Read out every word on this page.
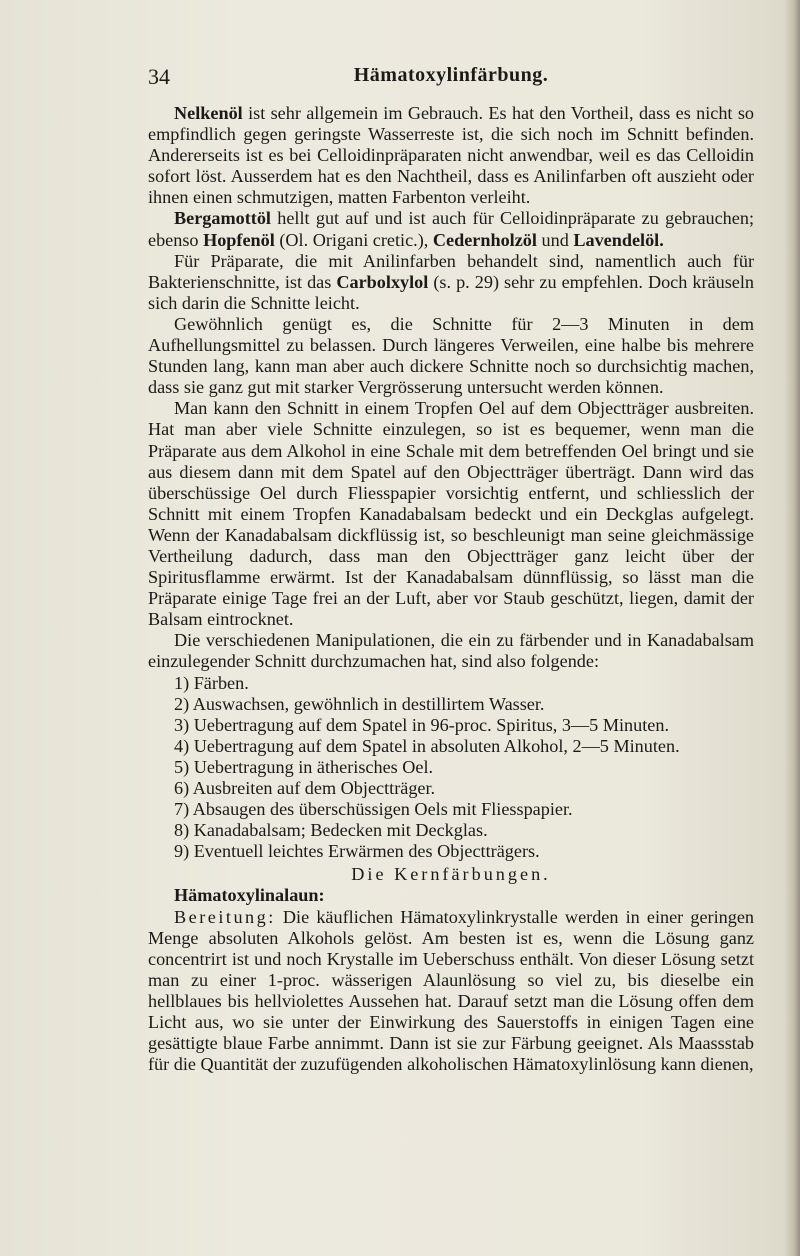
34	Hämatoxylinfärbung.

Nelkenöl ist sehr allgemein im Gebrauch. Es hat den Vortheil, dass es nicht so empfindlich gegen geringste Wasserreste ist, die sich noch im Schnitt befinden. Andererseits ist es bei Celloidinpräparaten nicht anwendbar, weil es das Celloidin sofort löst. Ausserdem hat es den Nachtheil, dass es Anilinfarben oft auszieht oder ihnen einen schmutzigen, matten Farbenton verleiht.

Bergamottöl hellt gut auf und ist auch für Celloidinpräparate zu gebrauchen; ebenso Hopfenöl (Ol. Origani cretic.), Cedernholzöl und Lavendelöl.

Für Präparate, die mit Anilinfarben behandelt sind, namentlich auch für Bakterienschnitte, ist das Carbolxylol (s. p. 29) sehr zu empfehlen. Doch kräuseln sich darin die Schnitte leicht.

Gewöhnlich genügt es, die Schnitte für 2—3 Minuten in dem Aufhellungsmittel zu belassen. Durch längeres Verweilen, eine halbe bis mehrere Stunden lang, kann man aber auch dickere Schnitte noch so durchsichtig machen, dass sie ganz gut mit starker Vergrösserung untersucht werden können.

Man kann den Schnitt in einem Tropfen Oel auf dem Objectträger ausbreiten. Hat man aber viele Schnitte einzulegen, so ist es bequemer, wenn man die Präparate aus dem Alkohol in eine Schale mit dem betreffenden Oel bringt und sie aus diesem dann mit dem Spatel auf den Objectträger überträgt. Dann wird das überschüssige Oel durch Fliesspapier vorsichtig entfernt, und schliesslich der Schnitt mit einem Tropfen Kanadabalsam bedeckt und ein Deckglas aufgelegt. Wenn der Kanadabalsam dickflüssig ist, so beschleunigt man seine gleichmässige Vertheilung dadurch, dass man den Objectträger ganz leicht über der Spiritusflamme erwärmt. Ist der Kanadabalsam dünnflüssig, so lässt man die Präparate einige Tage frei an der Luft, aber vor Staub geschützt, liegen, damit der Balsam eintrocknet.

Die verschiedenen Manipulationen, die ein zu färbender und in Kanadabalsam einzulegender Schnitt durchzumachen hat, sind also folgende:

1) Färben.
2) Auswachsen, gewöhnlich in destillirtem Wasser.
3) Uebertragung auf dem Spatel in 96-proc. Spiritus, 3—5 Minuten.
4) Uebertragung auf dem Spatel in absoluten Alkohol, 2—5 Minuten.
5) Uebertragung in ätherisches Oel.
6) Ausbreiten auf dem Objectträger.
7) Absaugen des überschüssigen Oels mit Fliesspapier.
8) Kanadabalsam; Bedecken mit Deckglas.
9) Eventuell leichtes Erwärmen des Objectträgers.
Die Kernfärbungen.
Hämatoxylinalaun:

Bereitung: Die käuflichen Hämatoxylinkrystalle werden in einer geringen Menge absoluten Alkohols gelöst. Am besten ist es, wenn die Lösung ganz concentrirt ist und noch Krystalle im Ueberschuss enthält. Von dieser Lösung setzt man zu einer 1-proc. wässerigen Alaunlösung so viel zu, bis dieselbe ein hellblaues bis hellviolettes Aussehen hat. Darauf setzt man die Lösung offen dem Licht aus, wo sie unter der Einwirkung des Sauerstoffs in einigen Tagen eine gesättigte blaue Farbe annimmt. Dann ist sie zur Färbung geeignet. Als Maassstab für die Quantität der zuzufügenden alkoholischen Hämatoxylinlösung kann dienen,
